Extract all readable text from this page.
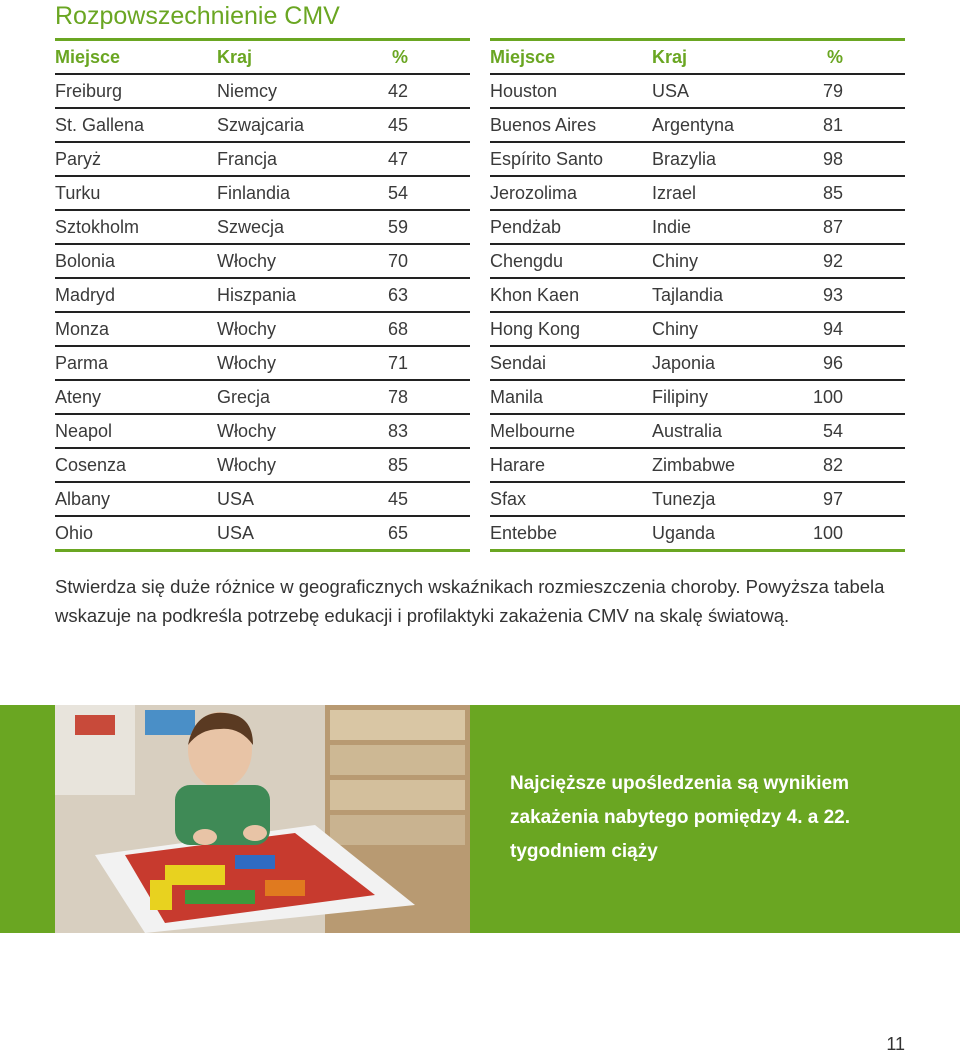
Rozpowszechnienie CMV
Miejsce	Kraj	%
Freiburg	Niemcy	42
St. Gallena	Szwajcaria	45
Paryż	Francja	47
Turku	Finlandia	54
Sztokholm	Szwecja	59
Bolonia	Włochy	70
Madryd	Hiszpania	63
Monza	Włochy	68
Parma	Włochy	71
Ateny	Grecja	78
Neapol	Włochy	83
Cosenza	Włochy	85
Albany	USA	45
Ohio	USA	65
Miejsce	Kraj	%
Houston	USA	79
Buenos Aires	Argentyna	81
Espírito Santo	Brazylia	98
Jerozolima	Izrael	85
Pendżab	Indie	87
Chengdu	Chiny	92
Khon Kaen	Tajlandia	93
Hong Kong	Chiny	94
Sendai	Japonia	96
Manila	Filipiny	100
Melbourne	Australia	54
Harare	Zimbabwe	82
Sfax	Tunezja	97
Entebbe	Uganda	100
Stwierdza się duże różnice w geograficznych wskaźnikach rozmieszczenia choroby. Powyższa tabela wskazuje na podkreśla potrzebę edukacji i profilaktyki zakażenia CMV na skalę światową.
Najcięższe upośledzenia są wynikiem zakażenia nabytego pomiędzy 4. a 22. tygodniem ciąży
11
